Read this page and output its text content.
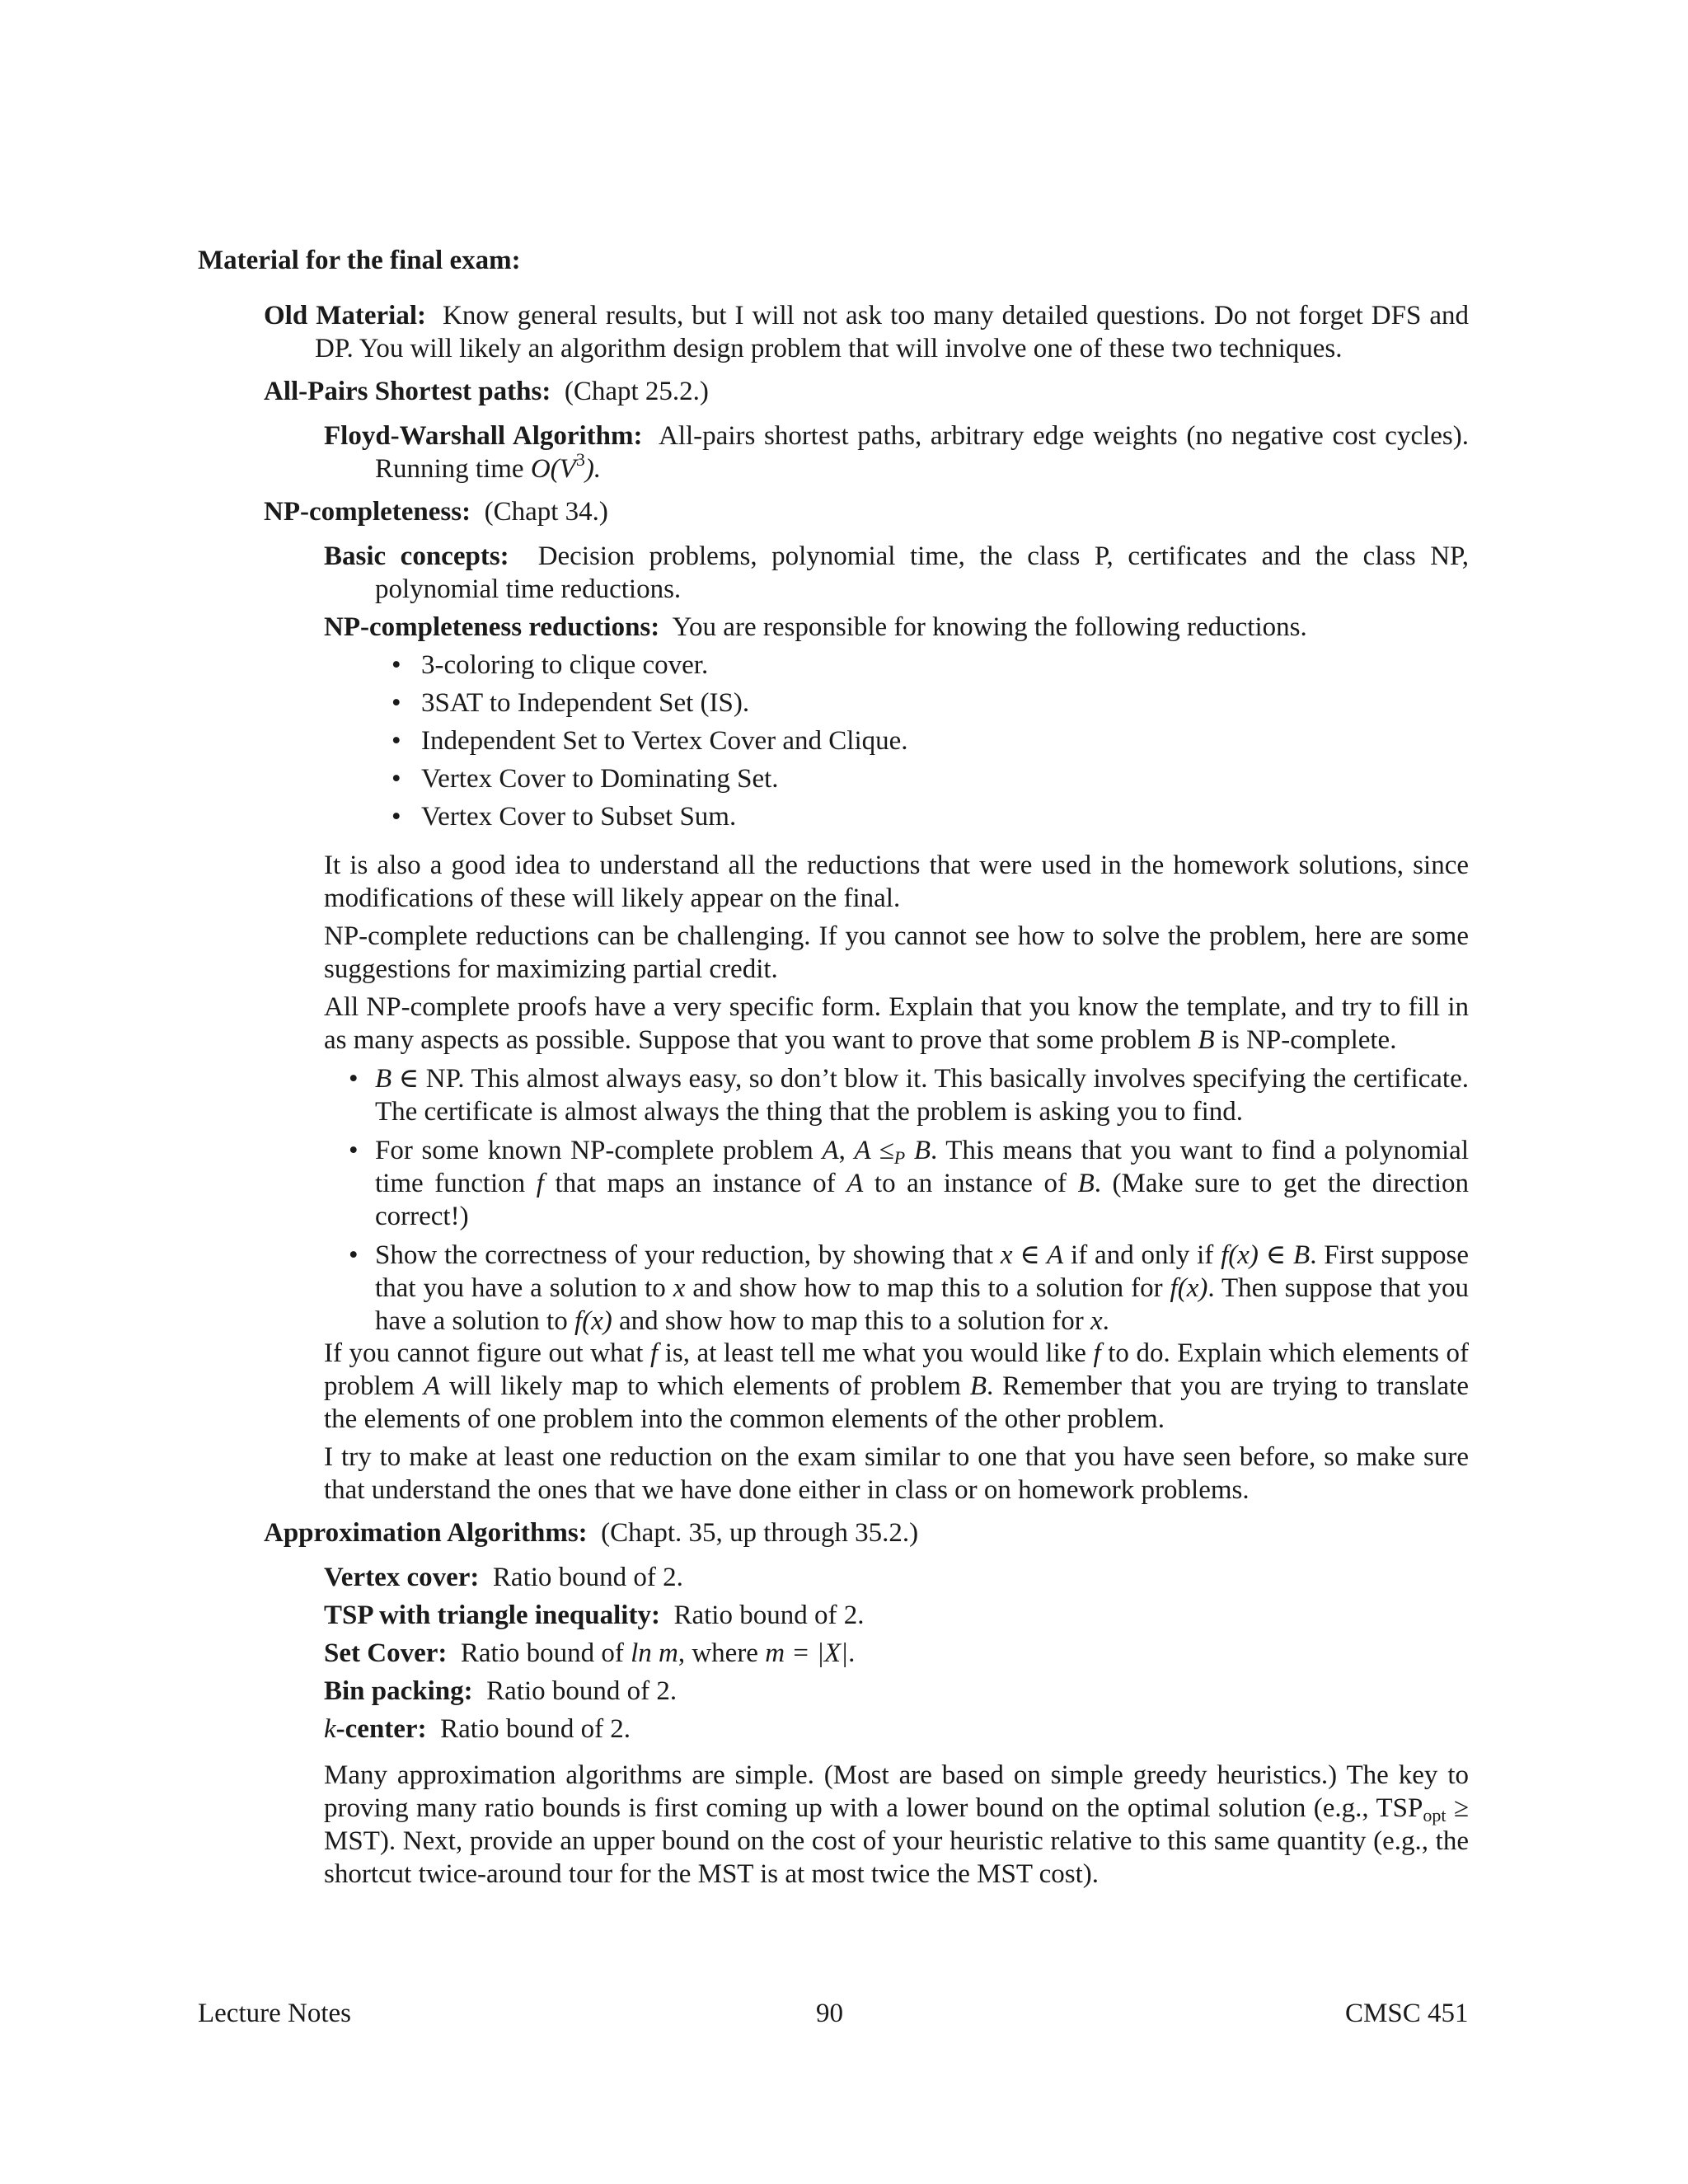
Material for the final exam:

Old Material: Know general results, but I will not ask too many detailed questions. Do not forget DFS and DP. You will likely an algorithm design problem that will involve one of these two techniques.

All-Pairs Shortest paths: (Chapt 25.2.)

Floyd-Warshall Algorithm: All-pairs shortest paths, arbitrary edge weights (no negative cost cycles). Running time $O(V^3)$.

NP-completeness: (Chapt 34.)

Basic concepts: Decision problems, polynomial time, the class P, certificates and the class NP, polynomial time reductions.

NP-completeness reductions: You are responsible for knowing the following reductions.

• 3-coloring to clique cover.

• 3SAT to Independent Set (IS).

• Independent Set to Vertex Cover and Clique.

• Vertex Cover to Dominating Set.

• Vertex Cover to Subset Sum.

It is also a good idea to understand all the reductions that were used in the homework solutions, since modifications of these will likely appear on the final.

NP-complete reductions can be challenging. If you cannot see how to solve the problem, here are some suggestions for maximizing partial credit.

All NP-complete proofs have a very specific form. Explain that you know the template, and try to fill in as many aspects as possible. Suppose that you want to prove that some problem B is NP-complete.

• B ∈ NP. This almost always easy, so don’t blow it. This basically involves specifying the certificate. The certificate is almost always the thing that the problem is asking you to find.

• For some known NP-complete problem A, $A \le_P$ B. This means that you want to find a polynomial time function f that maps an instance of A to an instance of B. (Make sure to get the direction correct!)

• Show the correctness of your reduction, by showing that x ∈ A if and only if f(x) ∈ B. First suppose that you have a solution to x and show how to map this to a solution for f(x). Then suppose that you have a solution to f(x) and show how to map this to a solution for x.

If you cannot figure out what f is, at least tell me what you would like f to do. Explain which elements of problem A will likely map to which elements of problem B. Remember that you are trying to translate the elements of one problem into the common elements of the other problem.

I try to make at least one reduction on the exam similar to one that you have seen before, so make sure that understand the ones that we have done either in class or on homework problems.

Approximation Algorithms: (Chapt. 35, up through 35.2.)

Vertex cover: Ratio bound of 2.

TSP with triangle inequality: Ratio bound of 2.

Set Cover: Ratio bound of ln m, where m = |X|.

Bin packing: Ratio bound of 2.

k-center: Ratio bound of 2.

Many approximation algorithms are simple. (Most are based on simple greedy heuristics.) The key to proving many ratio bounds is first coming up with a lower bound on the optimal solution (e.g., $TSP_{opt} \ge MST$). Next, provide an upper bound on the cost of your heuristic relative to this same quantity (e.g., the shortcut twice-around tour for the MST is at most twice the MST cost).

Lecture Notes	90	CMSC 451
